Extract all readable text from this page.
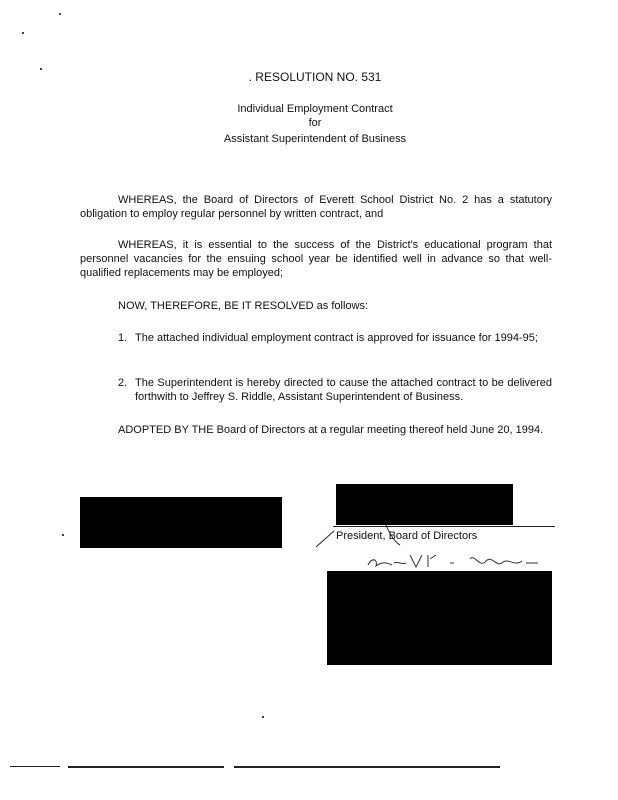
. RESOLUTION NO. 531
Individual Employment Contract
for
Assistant Superintendent of Business
WHEREAS, the Board of Directors of Everett School District No. 2 has a statutory obligation to employ regular personnel by written contract, and
WHEREAS, it is essential to the success of the District's educational program that personnel vacancies for the ensuing school year be identified well in advance so that well-qualified replacements may be employed;
NOW, THEREFORE, BE IT RESOLVED as follows:
1. The attached individual employment contract is approved for issuance for 1994-95;
2. The Superintendent is hereby directed to cause the attached contract to be delivered forthwith to Jeffrey S. Riddle, Assistant Superintendent of Business.
ADOPTED BY THE Board of Directors at a regular meeting thereof held June 20, 1994.
President, Board of Directors
